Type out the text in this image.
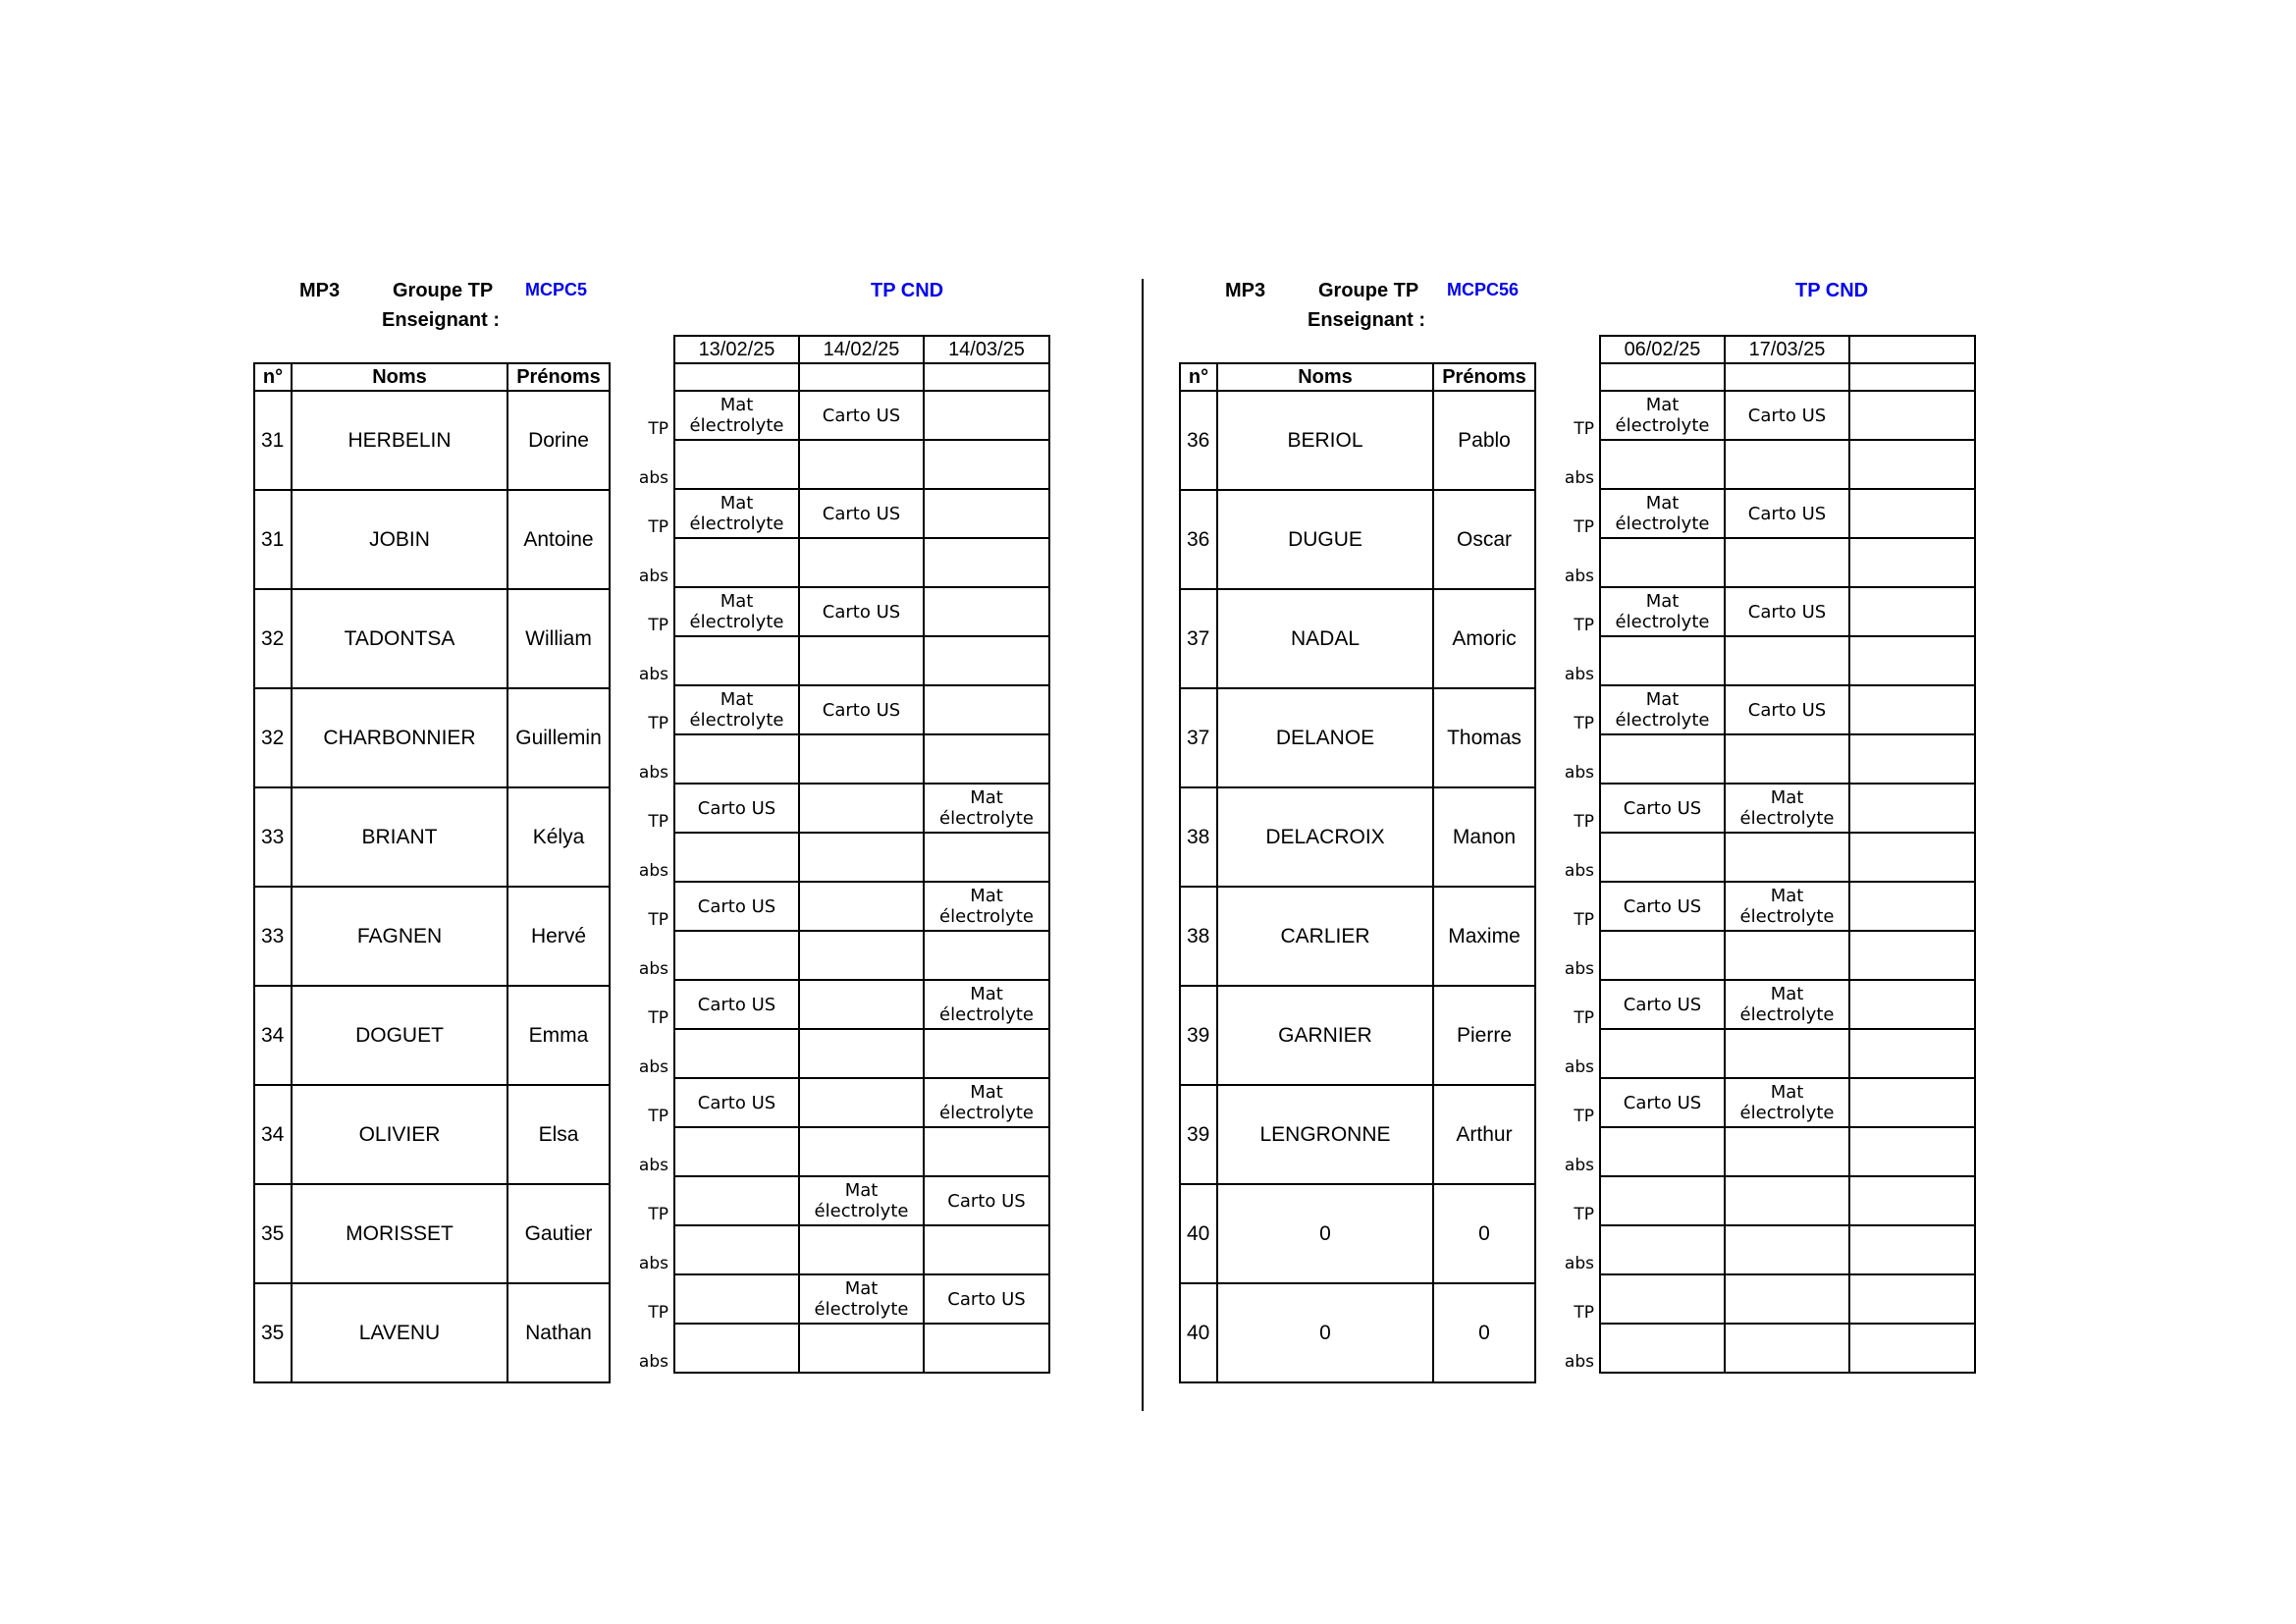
MP3	Groupe TP MCPC5
Enseignant :
TP CND	MP3	Groupe TP MCPC56
Enseignant :
TP CND
n°	Noms	Prénoms
31	HERBELIN	Dorine
31	JOBIN	Antoine
32	TADONTSA	William
32	CHARBONNIER	Guillemin
33	BRIANT	Kélya
33	FAGNEN	Hervé
34	DOGUET	Emma
34	OLIVIER	Elsa
35	MORISSET	Gautier
35	LAVENU	Nathan
	13/02/25	14/02/25	14/03/25

TP	Mat électrolyte	Carto US	
abs			
TP	Mat électrolyte	Carto US	
abs			
TP	Mat électrolyte	Carto US	
abs			
TP	Mat électrolyte	Carto US	
abs			
TP	Carto US		Mat électrolyte
abs			
TP	Carto US		Mat électrolyte
abs			
TP	Carto US		Mat électrolyte
abs			
TP	Carto US		Mat électrolyte
abs			
TP		Mat électrolyte	Carto US
abs			
TP		Mat électrolyte	Carto US
abs			
n°	Noms	Prénoms
36	BERIOL	Pablo
36	DUGUE	Oscar
37	NADAL	Amoric
37	DELANOE	Thomas
38	DELACROIX	Manon
38	CARLIER	Maxime
39	GARNIER	Pierre
39	LENGRONNE	Arthur
40	0	0
40	0	0
	06/02/25	17/03/25	

TP	Mat électrolyte	Carto US	
abs			
TP	Mat électrolyte	Carto US	
abs			
TP	Mat électrolyte	Carto US	
abs			
TP	Mat électrolyte	Carto US	
abs			
TP	Carto US	Mat électrolyte	
abs			
TP	Carto US	Mat électrolyte	
abs			
TP	Carto US	Mat électrolyte	
abs			
TP	Carto US	Mat électrolyte	
abs			
TP			
abs			
TP			
abs			
